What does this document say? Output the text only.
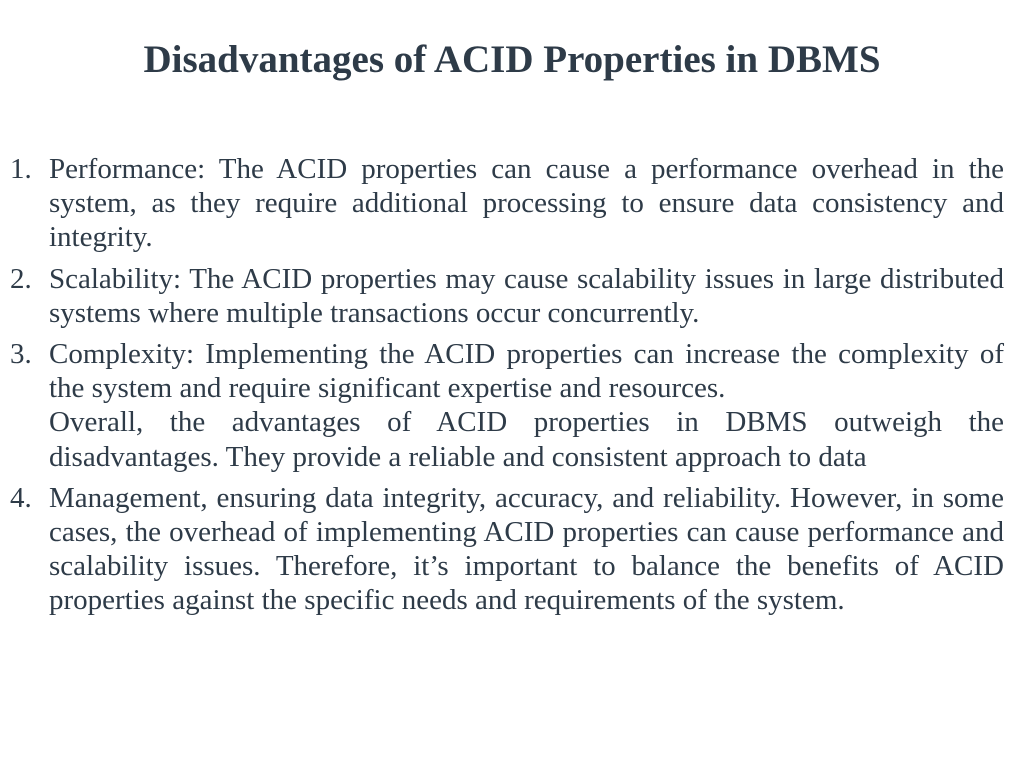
Disadvantages of ACID Properties in DBMS
1. Performance: The ACID properties can cause a performance overhead in the system, as they require additional processing to ensure data consistency and integrity.

2. Scalability: The ACID properties may cause scalability issues in large distributed systems where multiple transactions occur concurrently.

3. Complexity: Implementing the ACID properties can increase the complexity of the system and require significant expertise and resources.

Overall, the advantages of ACID properties in DBMS outweigh the disadvantages. They provide a reliable and consistent approach to data

4. Management, ensuring data integrity, accuracy, and reliability. However, in some cases, the overhead of implementing ACID properties can cause performance and scalability issues. Therefore, it’s important to balance the benefits of ACID properties against the specific needs and requirements of the system.
